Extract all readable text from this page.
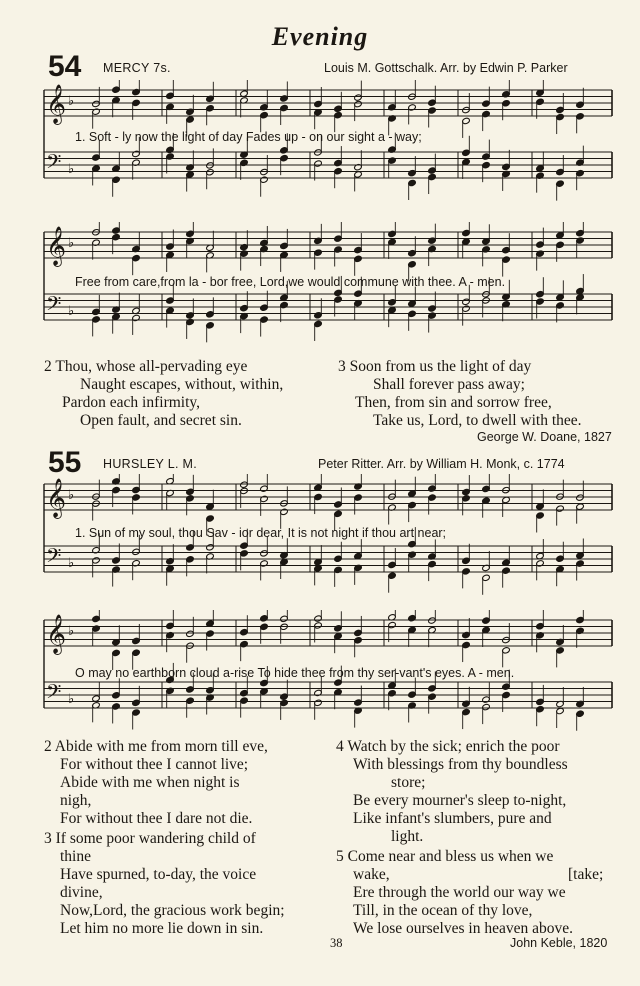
Evening
54 MERCY 7s.	Louis M. Gottschalk. Arr. by Edwin P. Parker
𝄞 ♭
𝄢 ♭
1. Soft - ly now the light of day Fades up - on our sight a - way;
𝄞 ♭
𝄢 ♭
Free from care,from la - bor free, Lord,we would commune with thee. A - men.
2 Thou, whose all-pervading eye
Naught escapes, without, within,
Pardon each infirmity,
Open fault, and secret sin.
3 Soon from us the light of day
Shall forever pass away;
Then, from sin and sorrow free,
Take us, Lord, to dwell with thee.
George W. Doane, 1827
55 HURSLEY L. M.	Peter Ritter. Arr. by William H. Monk, c. 1774
𝄞 ♭
𝄢 ♭
1. Sun of my soul, thou Sav - ior dear, It is not night if thou art near;
𝄞 ♭
𝄢 ♭
O may no earthborn cloud a-rise To hide thee from thy ser-vant's eyes. A - men.
2 Abide with me from morn till eve,
For without thee I cannot live;
Abide with me when night is
nigh,
For without thee I dare not die.
3 If some poor wandering child of
thine
Have spurned, to-day, the voice
divine,
Now,Lord, the gracious work begin;
Let him no more lie down in sin.
4 Watch by the sick; enrich the poor
With blessings from thy boundless
store;
Be every mourner's sleep to-night,
Like infant's slumbers, pure and
light.
5 Come near and bless us when we
wake,	[take;
Ere through the world our way we
Till, in the ocean of thy love,
We lose ourselves in heaven above.
38	John Keble, 1820
